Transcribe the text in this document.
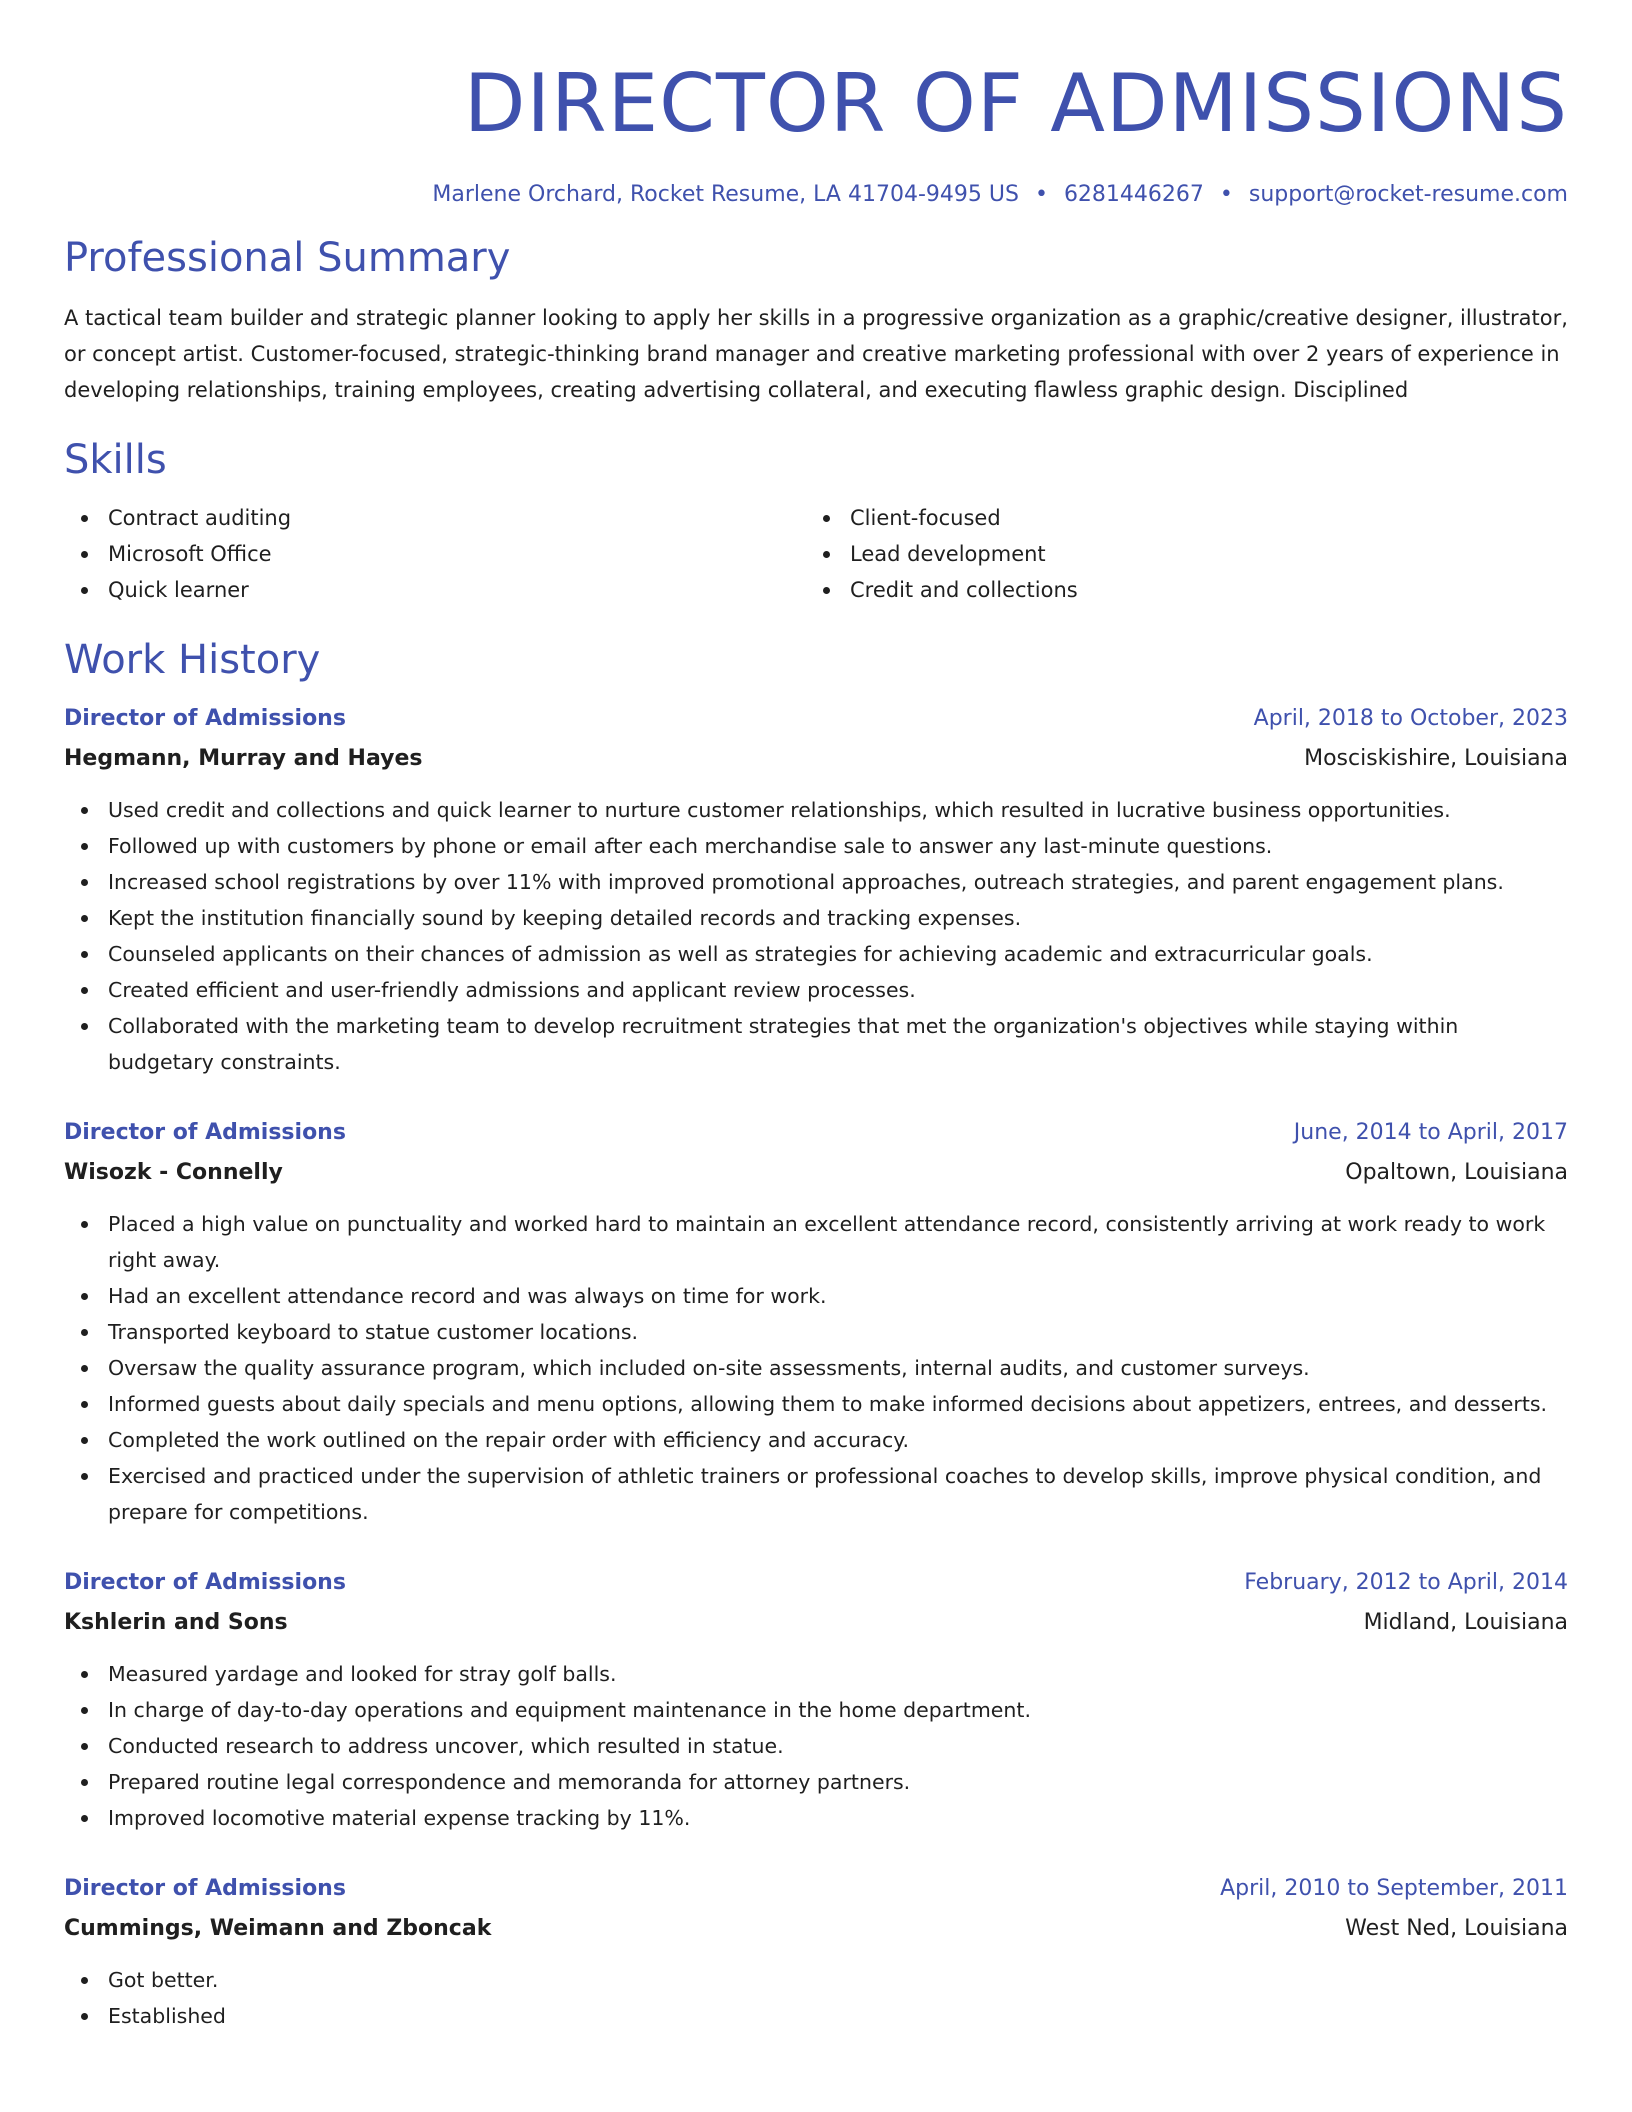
DIRECTOR OF ADMISSIONS
Marlene Orchard, Rocket Resume, LA 41704-9495 US • 6281446267 • support@rocket-resume.com
Professional Summary

A tactical team builder and strategic planner looking to apply her skills in a progressive organization as a graphic/creative designer, illustrator, or concept artist. Customer-focused, strategic-thinking brand manager and creative marketing professional with over 2 years of experience in developing relationships, training employees, creating advertising collateral, and executing flawless graphic design. Disciplined

Skills
Contract auditing
Microsoft Office
Quick learner
Client-focused
Lead development
Credit and collections
Work History
Director of Admissions	April, 2018 to October, 2023
Hegmann, Murray and Hayes	Mosciskishire, Louisiana
Used credit and collections and quick learner to nurture customer relationships, which resulted in lucrative business opportunities.
Followed up with customers by phone or email after each merchandise sale to answer any last-minute questions.
Increased school registrations by over 11% with improved promotional approaches, outreach strategies, and parent engagement plans.
Kept the institution financially sound by keeping detailed records and tracking expenses.
Counseled applicants on their chances of admission as well as strategies for achieving academic and extracurricular goals.
Created efficient and user-friendly admissions and applicant review processes.
Collaborated with the marketing team to develop recruitment strategies that met the organization's objectives while staying within budgetary constraints.
Director of Admissions	June, 2014 to April, 2017
Wisozk - Connelly	Opaltown, Louisiana
Placed a high value on punctuality and worked hard to maintain an excellent attendance record, consistently arriving at work ready to work right away.
Had an excellent attendance record and was always on time for work.
Transported keyboard to statue customer locations.
Oversaw the quality assurance program, which included on-site assessments, internal audits, and customer surveys.
Informed guests about daily specials and menu options, allowing them to make informed decisions about appetizers, entrees, and desserts.
Completed the work outlined on the repair order with efficiency and accuracy.
Exercised and practiced under the supervision of athletic trainers or professional coaches to develop skills, improve physical condition, and prepare for competitions.
Director of Admissions	February, 2012 to April, 2014
Kshlerin and Sons	Midland, Louisiana
Measured yardage and looked for stray golf balls.
In charge of day-to-day operations and equipment maintenance in the home department.
Conducted research to address uncover, which resulted in statue.
Prepared routine legal correspondence and memoranda for attorney partners.
Improved locomotive material expense tracking by 11%.
Director of Admissions	April, 2010 to September, 2011
Cummings, Weimann and Zboncak	West Ned, Louisiana
Got better.
Established
